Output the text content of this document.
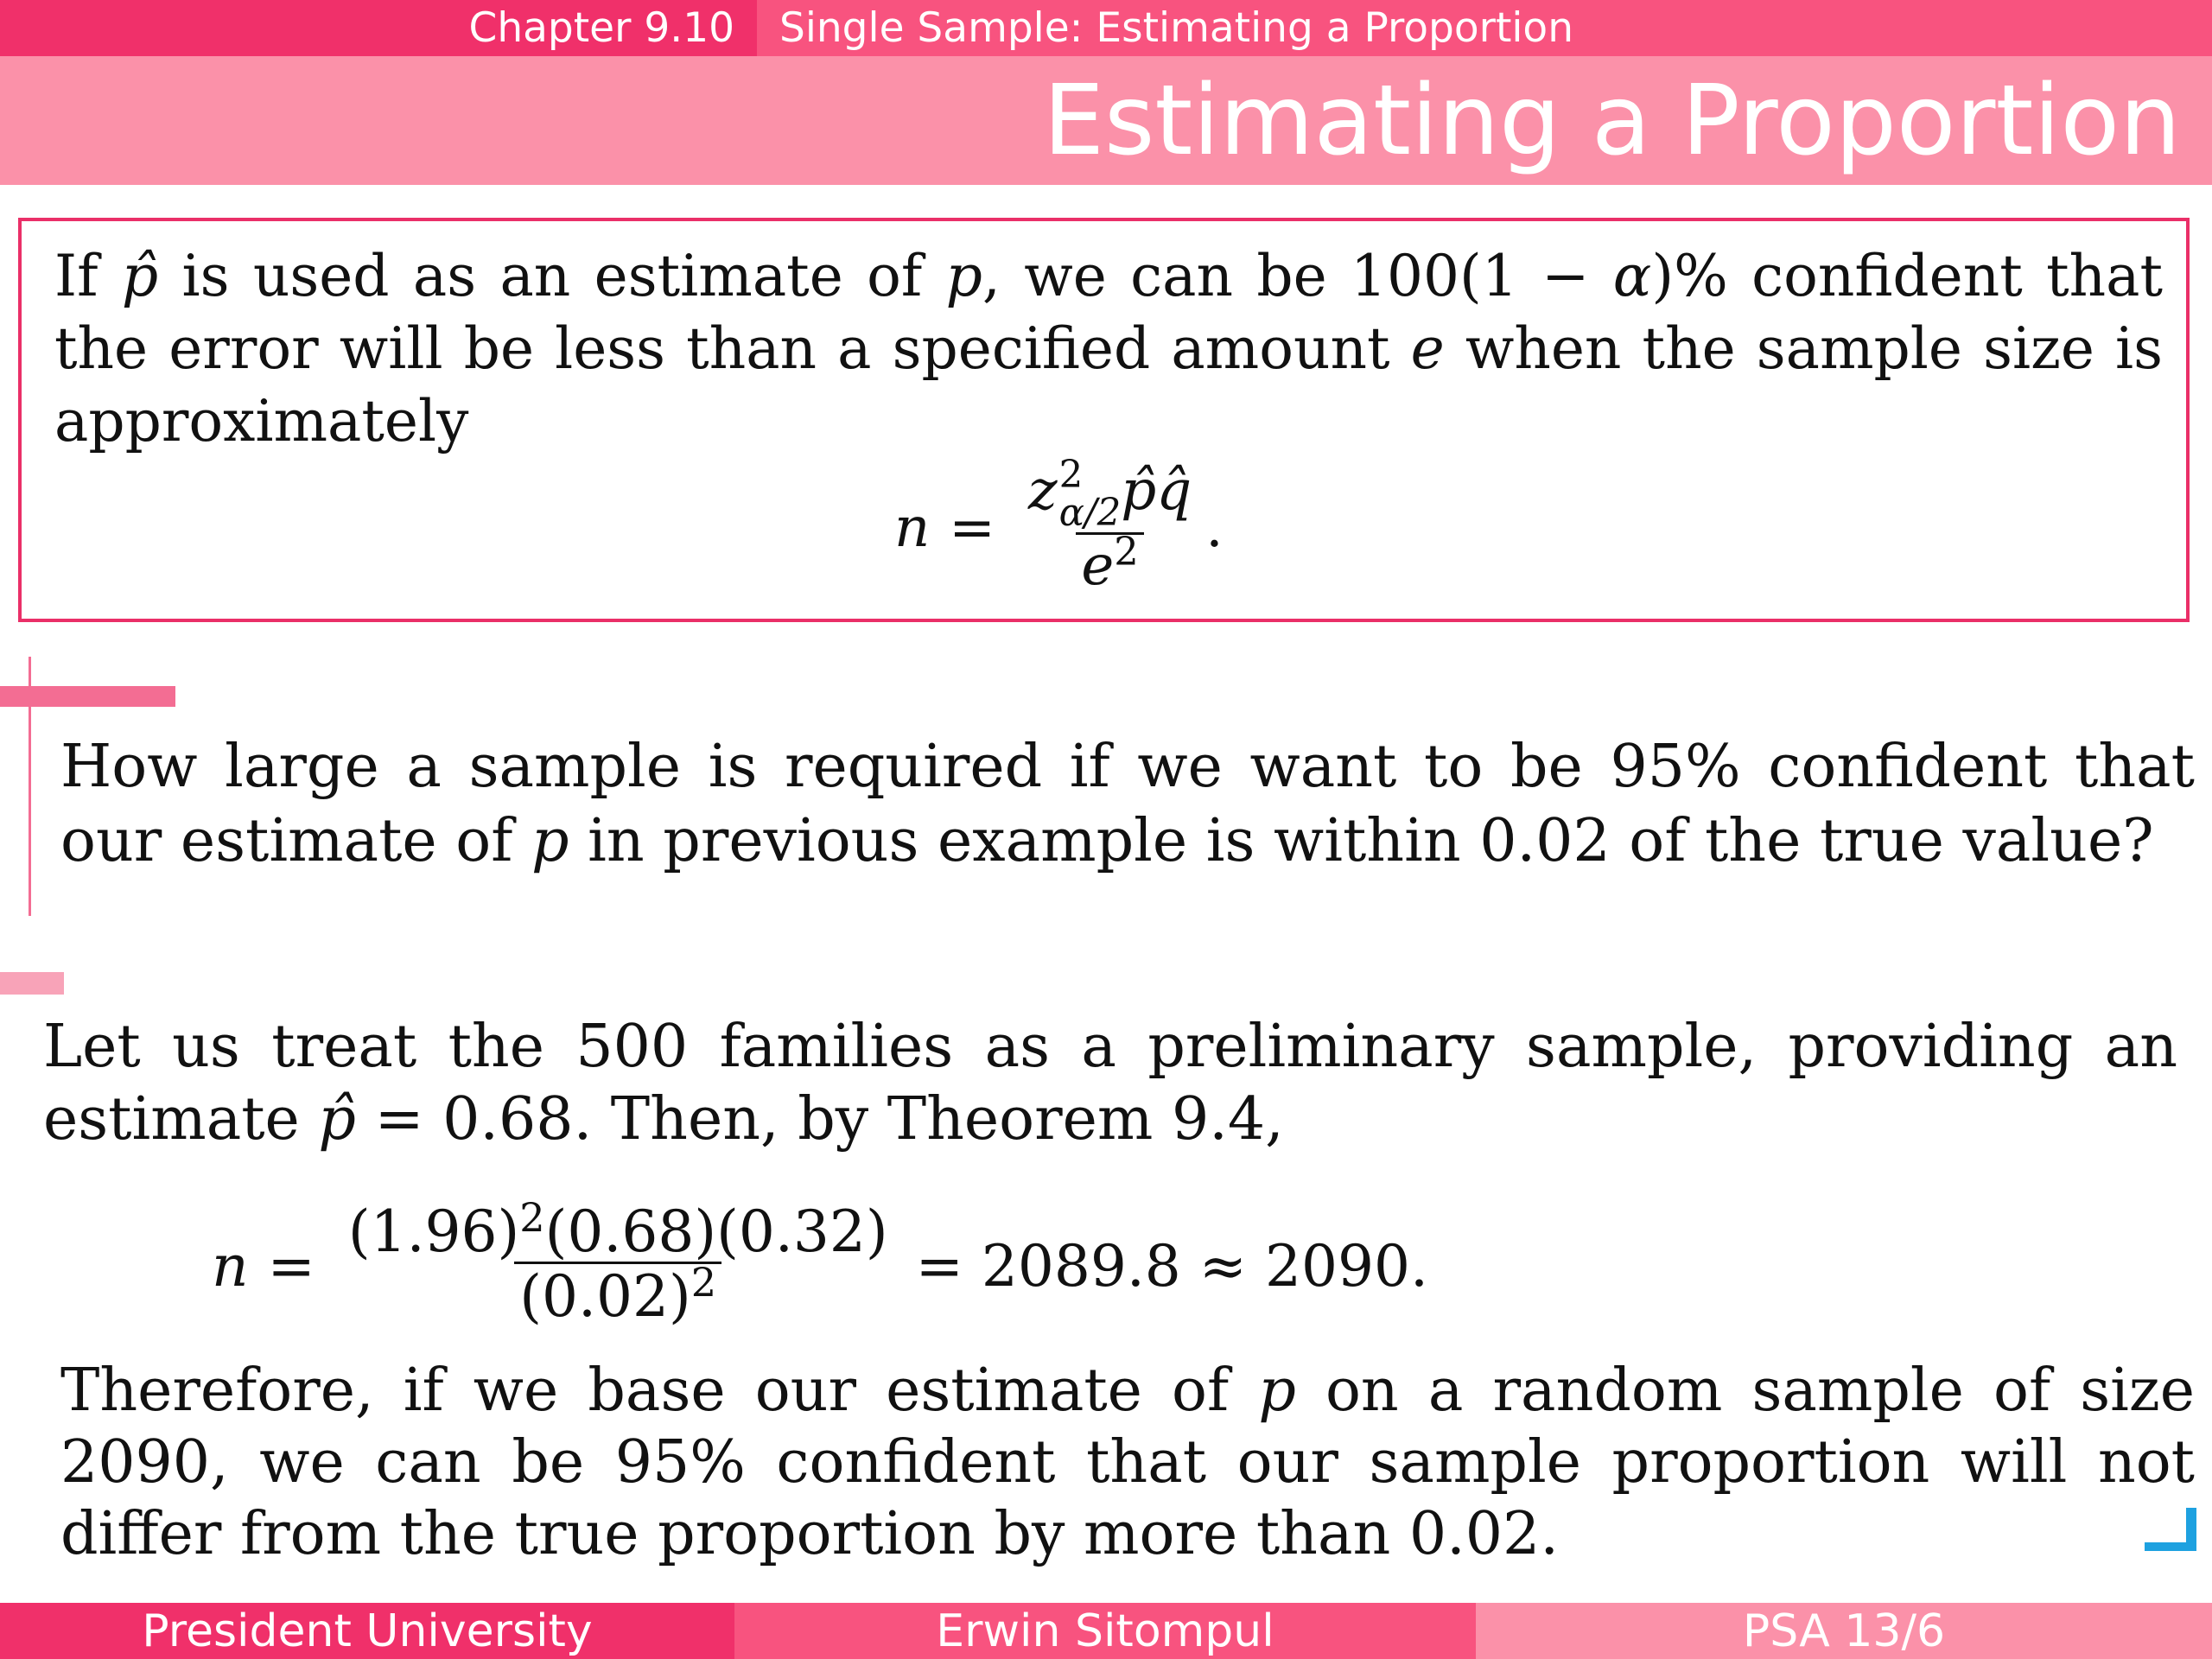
Chapter 9.10	Single Sample: Estimating a Proportion
Estimating a Proportion
If p̂ is used as an estimate of p, we can be 100(1 − α)% confident that the error will be less than a specified amount e when the sample size is approximately
n = z 2
α/2 p̂q̂
$e^2$ .
How large a sample is required if we want to be 95% confident that our estimate of p in previous example is within 0.02 of the true value?
Let us treat the 500 families as a preliminary sample, providing an estimate p̂ = 0.68. Then, by Theorem 9.4,
$n = \frac{(1.96)^2(0.68)(0.32)}{(0.02)^2} = 2089.8 \approx 2090$.
Therefore, if we base our estimate of p on a random sample of size 2090, we can be 95% confident that our sample proportion will not differ from the true proportion by more than 0.02.
President University	Erwin Sitompul	PSA 13/6
